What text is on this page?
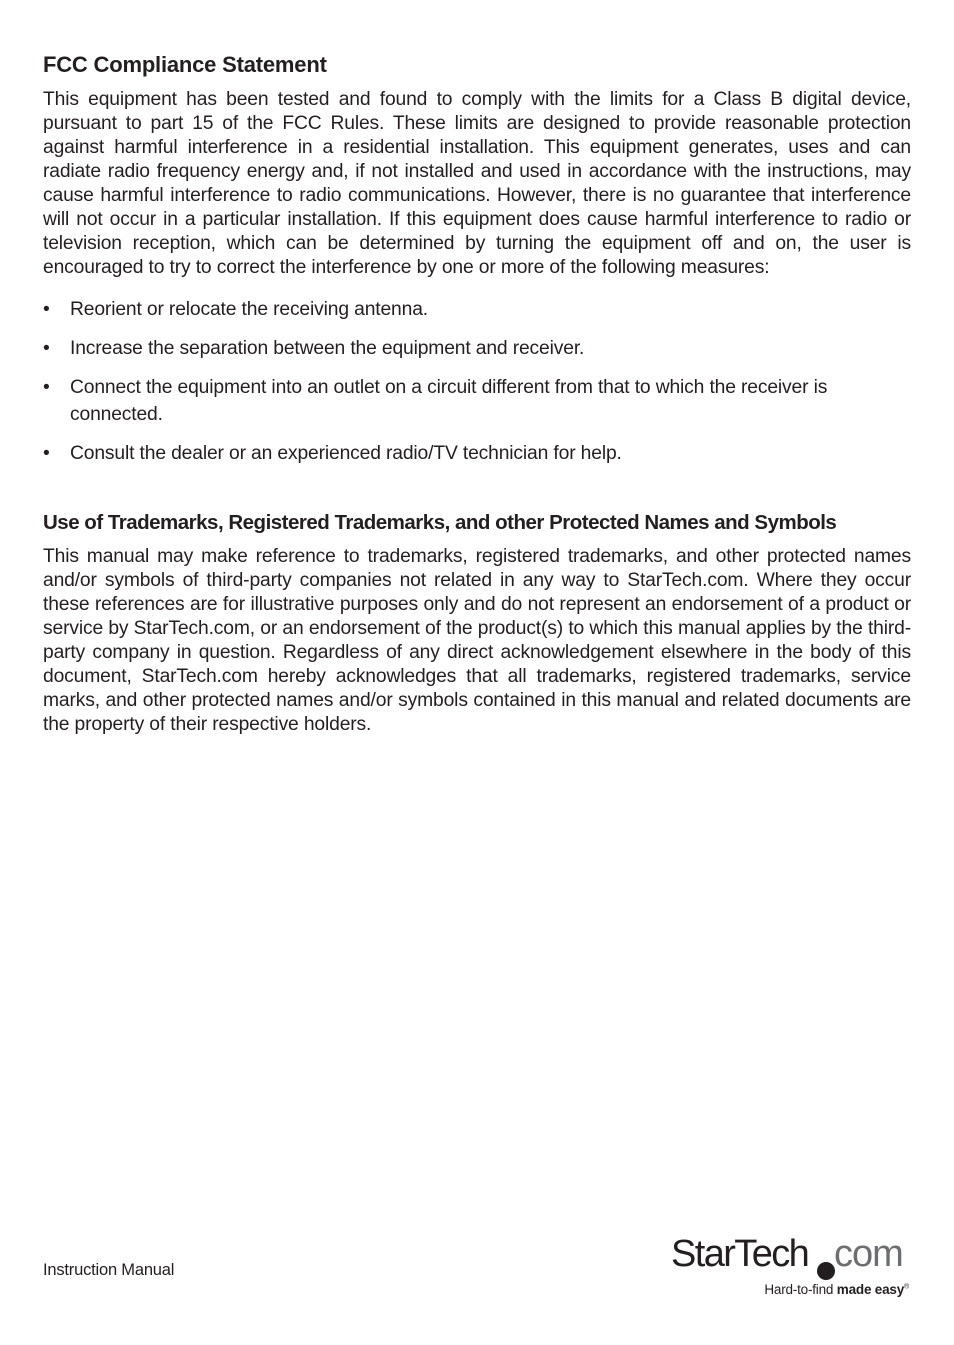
FCC Compliance Statement

This equipment has been tested and found to comply with the limits for a Class B digital device, pursuant to part 15 of the FCC Rules. These limits are designed to provide reasonable protection against harmful interference in a residential installation. This equipment generates, uses and can radiate radio frequency energy and, if not installed and used in accordance with the instructions, may cause harmful interference to radio communications. However, there is no guarantee that interference will not occur in a particular installation. If this equipment does cause harmful interference to radio or television reception, which can be determined by turning the equipment off and on, the user is encouraged to try to correct the interference by one or more of the following measures:

• Reorient or relocate the receiving antenna.
• Increase the separation between the equipment and receiver.
• Connect the equipment into an outlet on a circuit different from that to which the receiver is connected.
• Consult the dealer or an experienced radio/TV technician for help.
Use of Trademarks, Registered Trademarks, and other Protected Names and Symbols

This manual may make reference to trademarks, registered trademarks, and other protected names and/or symbols of third-party companies not related in any way to StarTech.com. Where they occur these references are for illustrative purposes only and do not represent an endorsement of a product or service by StarTech.com, or an endorsement of the product(s) to which this manual applies by the third-party company in question. Regardless of any direct acknowledgement elsewhere in the body of this document, StarTech.com hereby acknowledges that all trademarks, registered trademarks, service marks, and other protected names and/or symbols contained in this manual and related documents are the property of their respective holders.

Instruction Manual	StarTech com
Hard-to-find made easy®
